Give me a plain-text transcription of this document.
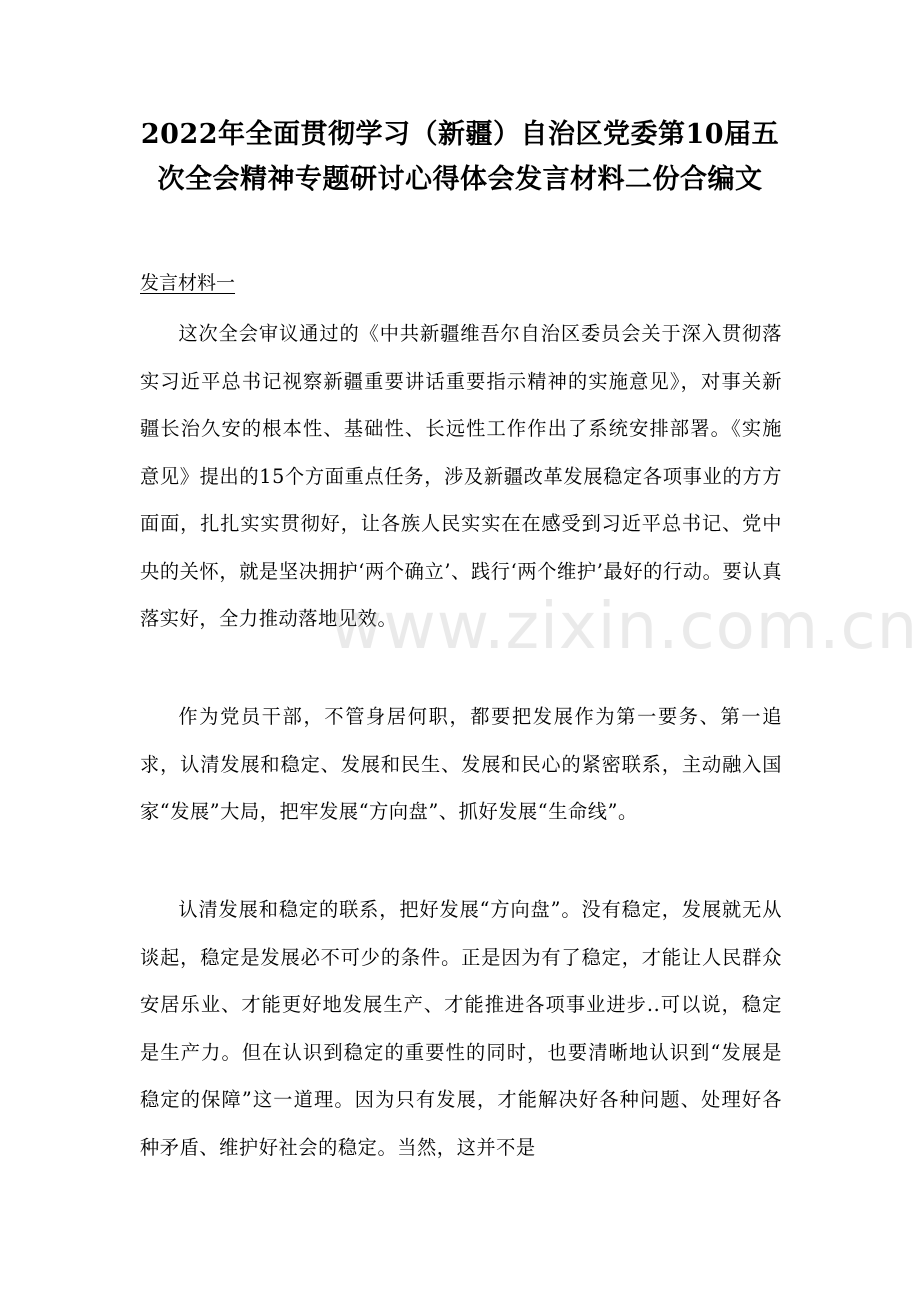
2022年全面贯彻学习（新疆）自治区党委第10届五次全会精神专题研讨心得体会发言材料二份合编文
发言材料一

这次全会审议通过的《中共新疆维吾尔自治区委员会关于深入贯彻落实习近平总书记视察新疆重要讲话重要指示精神的实施意见》，对事关新疆长治久安的根本性、基础性、长远性工作作出了系统安排部署。《实施意见》提出的15个方面重点任务，涉及新疆改革发展稳定各项事业的方方面面，扎扎实实贯彻好，让各族人民实实在在感受到习近平总书记、党中央的关怀，就是坚决拥护‘两个确立’、践行‘两个维护’最好的行动。要认真落实好，全力推动落地见效。

作为党员干部，不管身居何职，都要把发展作为第一要务、第一追求，认清发展和稳定、发展和民生、发展和民心的紧密联系，主动融入国家“发展”大局，把牢发展“方向盘”、抓好发展“生命线”。

认清发展和稳定的联系，把好发展“方向盘”。没有稳定，发展就无从谈起，稳定是发展必不可少的条件。正是因为有了稳定，才能让人民群众安居乐业、才能更好地发展生产、才能推进各项事业进步..可以说，稳定是生产力。但在认识到稳定的重要性的同时，也要清晰地认识到“发展是稳定的保障”这一道理。因为只有发展，才能解决好各种问题、处理好各种矛盾、维护好社会的稳定。当然，这并不是

www.zixin.com.cn
